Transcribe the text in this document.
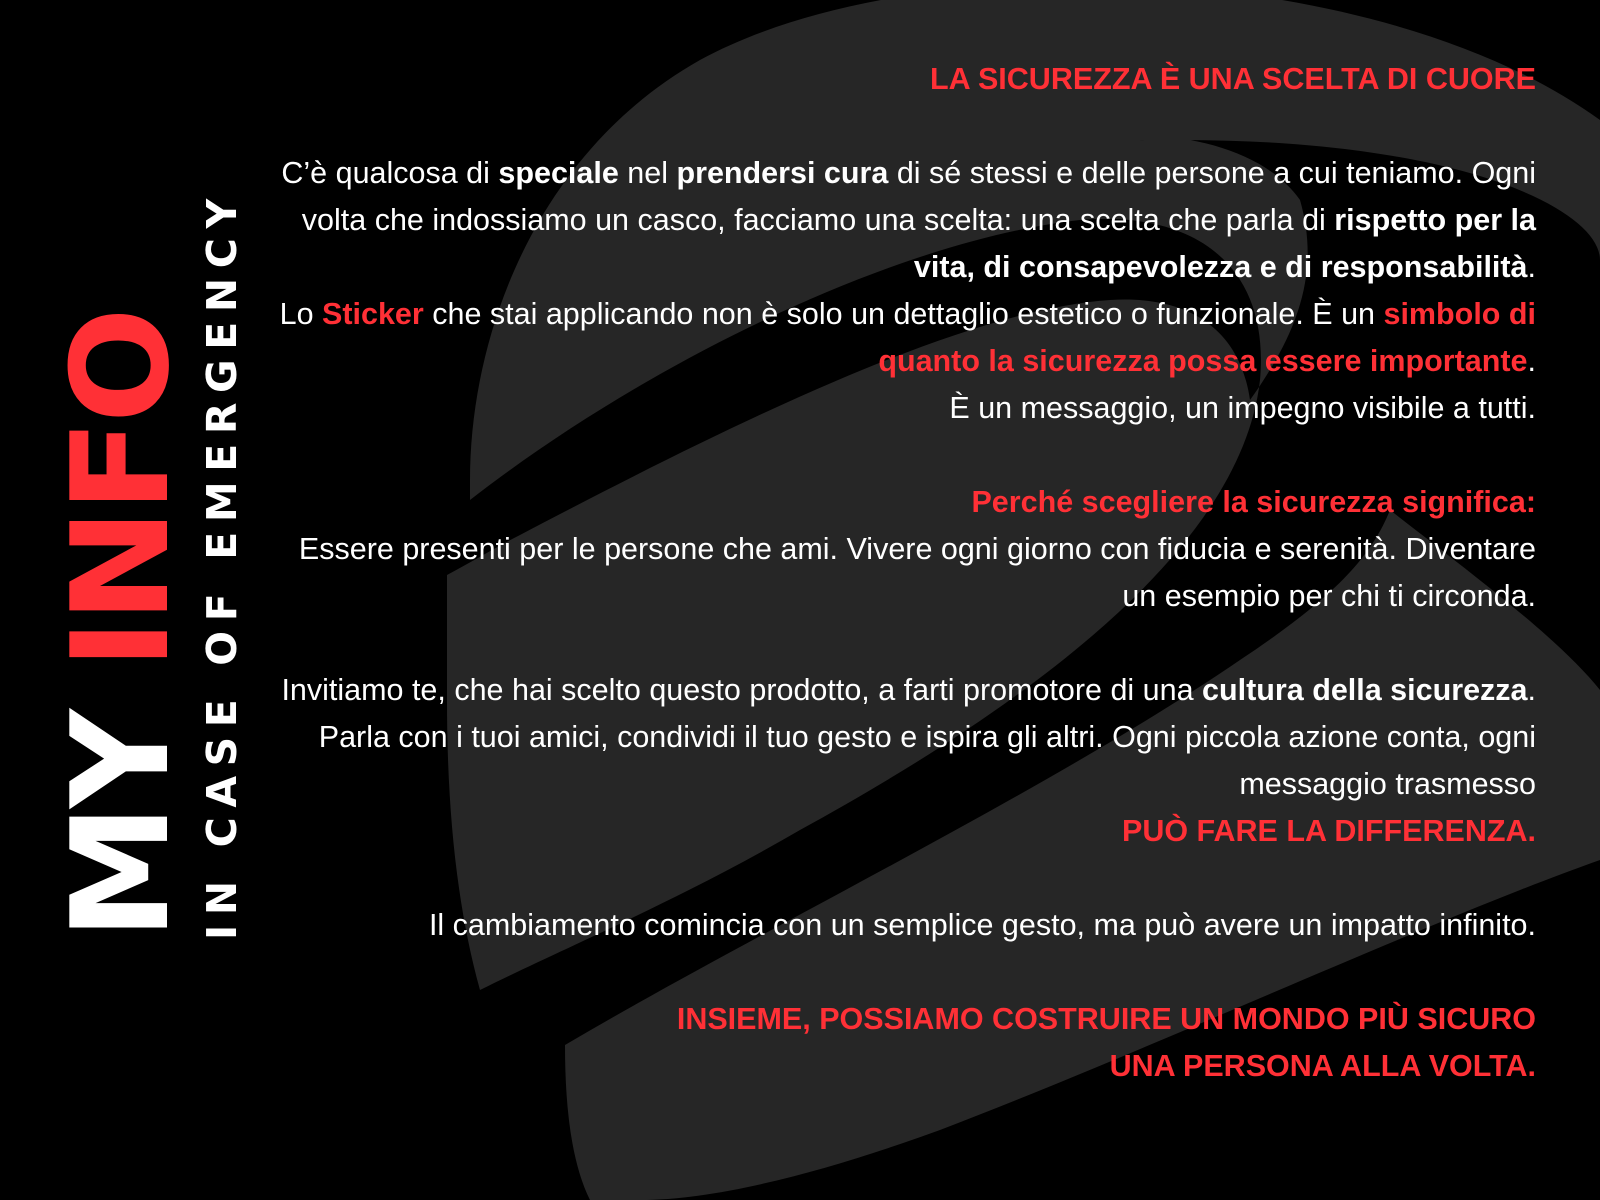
MY INFO IN CASE OF EMERGENCY

LA SICUREZZA È UNA SCELTA DI CUORE

C’è qualcosa di speciale nel prendersi cura di sé stessi e delle persone a cui teniamo. Ogni volta che indossiamo un casco, facciamo una scelta: una scelta che parla di rispetto per la vita, di consapevolezza e di responsabilità.

Lo Sticker che stai applicando non è solo un dettaglio estetico o funzionale. È un simbolo di quanto la sicurezza possa essere importante.

È un messaggio, un impegno visibile a tutti.

Perché scegliere la sicurezza significa:

Essere presenti per le persone che ami. Vivere ogni giorno con fiducia e serenità. Diventare un esempio per chi ti circonda.

Invitiamo te, che hai scelto questo prodotto, a farti promotore di una cultura della sicurezza. Parla con i tuoi amici, condividi il tuo gesto e ispira gli altri. Ogni piccola azione conta, ogni messaggio trasmesso
PUÒ FARE LA DIFFERENZA.

Il cambiamento comincia con un semplice gesto, ma può avere un impatto infinito.

INSIEME, POSSIAMO COSTRUIRE UN MONDO PIÙ SICURO

UNA PERSONA ALLA VOLTA.
